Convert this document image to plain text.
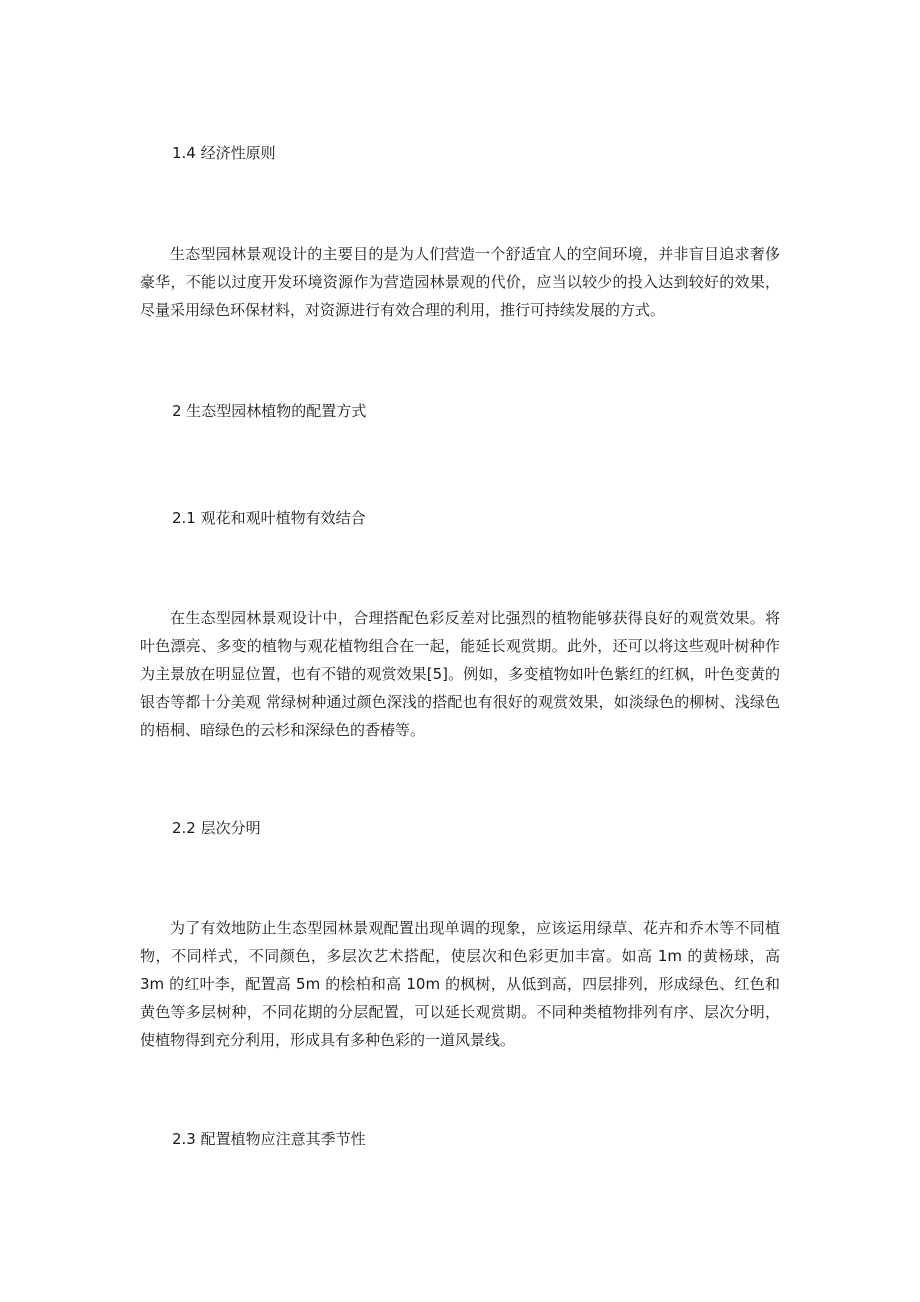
1.4 经济性原则

生态型园林景观设计的主要目的是为人们营造一个舒适宜人的空间环境，并非盲目追求奢侈豪华，不能以过度开发环境资源作为营造园林景观的代价，应当以较少的投入达到较好的效果，尽量采用绿色环保材料，对资源进行有效合理的利用，推行可持续发展的方式。

2 生态型园林植物的配置方式
2.1 观花和观叶植物有效结合

在生态型园林景观设计中，合理搭配色彩反差对比强烈的植物能够获得良好的观赏效果。将叶色漂亮、多变的植物与观花植物组合在一起，能延长观赏期。此外，还可以将这些观叶树种作为主景放在明显位置，也有不错的观赏效果[5]。例如，多变植物如叶色紫红的红枫，叶色变黄的银杏等都十分美观 常绿树种通过颜色深浅的搭配也有很好的观赏效果，如淡绿色的柳树、浅绿色的梧桐、暗绿色的云杉和深绿色的香椿等。

2.2 层次分明

为了有效地防止生态型园林景观配置出现单调的现象，应该运用绿草、花卉和乔木等不同植物，不同样式，不同颜色，多层次艺术搭配，使层次和色彩更加丰富。如高 1m 的黄杨球，高 3m 的红叶李，配置高 5m 的桧柏和高 10m 的枫树，从低到高，四层排列，形成绿色、红色和黄色等多层树种，不同花期的分层配置，可以延长观赏期。不同种类植物排列有序、层次分明，使植物得到充分利用，形成具有多种色彩的一道风景线。

2.3 配置植物应注意其季节性
